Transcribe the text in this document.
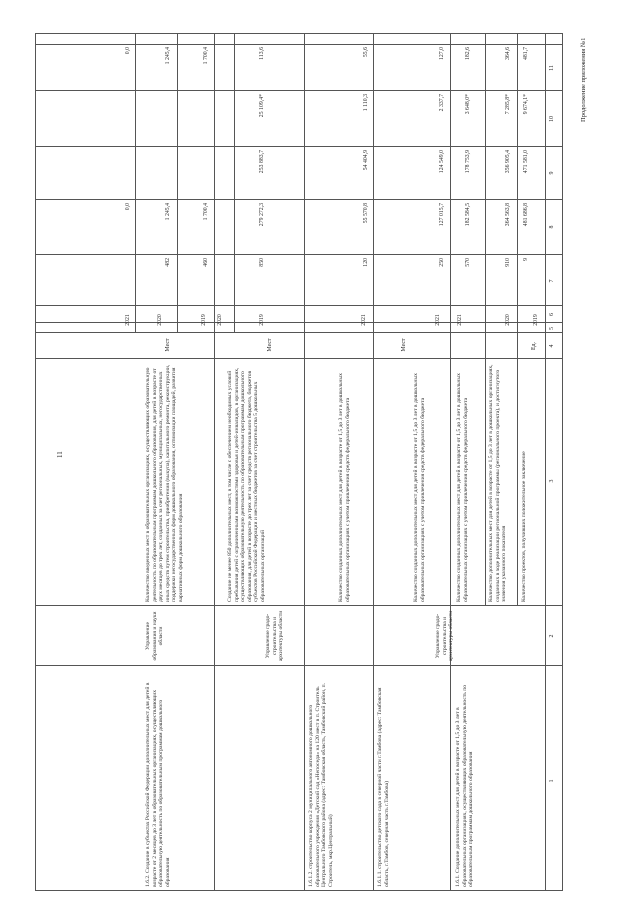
11
Продолжение приложения №1
1
2
3
4
5
6
7
8
9
10
11
1.6.1. Создание дополнительных мест для детей в возрасте от 1,5 до 3 лет в образовательных организациях, осуществляющих образовательную деятельность по образовательным программам дошкольного образования
Управление градо-строительства и архитектуры области
Количество проектов, получивших положительное заключение
Ед.
2019
9
481 686,8
471 581,0
9 674,1*
481,7
Количество дополнительных мест для детей в возрасте от 1,5 до 3 лет в дошкольных организациях, созданных в ходе реализации региональной программы (регионального проекта), и достигнутого значения указанного показателя
2020
910
364 563,8
356 905,4
7 285,8*
364,6
Количество созданных дополнительных мест для детей в возрасте от 1,5 до 3 лет в дошкольных образовательных организациях с учетом привлечения средств федерального бюджета
2021
570
182 584,5
178 753,9
3 648,0*
182,6
1.6.1.1. строительство детского сада в северной части г.Тамбова (адрес: Тамбовская область, г.Тамбов, северная часть г.Тамбова)
Количество созданных дополнительных мест для детей в возрасте от 1,5 до 3 лет в дошкольных образовательных организациях с учетом привлечения средств федерального бюджета
Мест
2021
250
127 015,7
124 549,0
2 337,7
127,0
1.6.1.2. строительство корпуса 2 муниципального автономного дошкольного образовательного учреждения «Детский сад «Непоседа» на 120 мест в п. Строитель Центрального Тамбовского района (адрес: Тамбовская область, Тамбовский район, п. Строитель, мкр.Центральный)
Количество созданных дополнительных мест для детей в возрасте от 1,5 до 3 лет в дошкольных образовательных организациях с учетом привлечения средств федерального бюджета
2021
120
55 570,8
54 404,9
1 110,3
55,6
Управление градо-строительства и архитектуры области
Создание не менее 850 дополнительных мест, в том числе с обеспечением необходимых условий пребывания детей с ограниченными возможностями здоровья и детей-инвалидов, в организациях, осуществляющих образовательную деятельность по образовательным программам дошкольного образования, для детей в возрасте до трех лет за счет средств регионального бюджета, бюджетов субъектов Российской Федерации и местных бюджетов за счет строительства 5 дошкольных образовательных организаций
Мест
2019
850
279 272,3
253 883,7
25 109,4*
113,6
2020
1.6.2. Создание в субъектах Российской Федерации дополнительных мест для детей в возрасте от 2 месяцев до 3 лет в образовательных организациях, осуществляющих образовательную деятельность по образовательным программам дошкольного образования
Управление образования и науки области
Количество введенных мест в образовательных организациях, осуществляющих образовательную деятельность по образовательным программам дошкольного образования, для детей в возрасте от двух месяцев до трех лет, созданных за счет региональных, муниципальных, негосударственных иных средств путем строительства, приобретения (выкупа), капитального ремонта, реконструкции, поддержки негосударственных форм дошкольного образования, оптимизации площадей, развития вариативных форм дошкольного образования
Мест
2019
460
1 700,4
1 700,4
2020
482
1 245,4
1 245,4
2021
0,0
0,0
